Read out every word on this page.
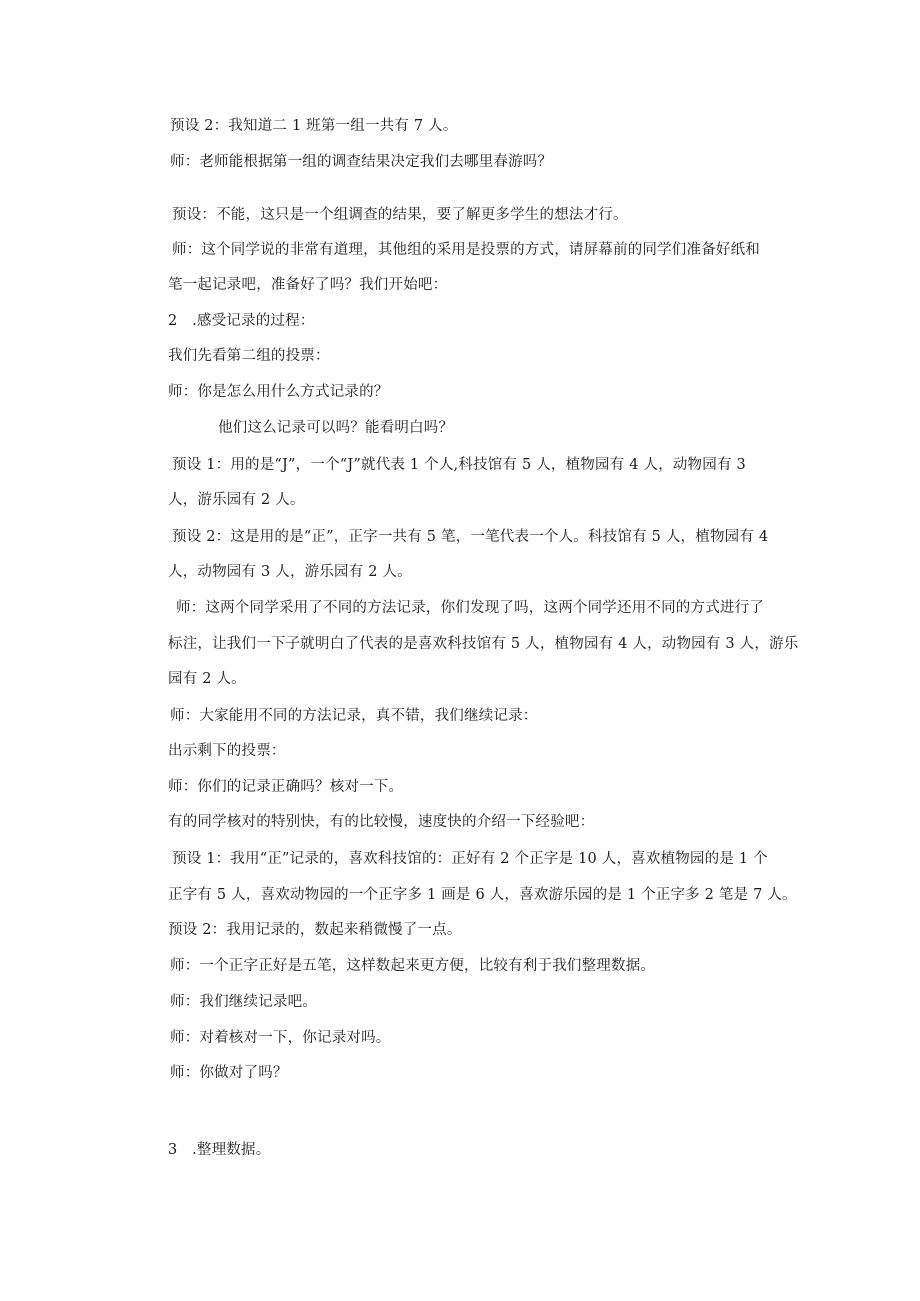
预设 2：我知道二 1 班第一组一共有 7 人。

师：老师能根据第一组的调查结果决定我们去哪里春游吗？

预设：不能，这只是一个组调查的结果，要了解更多学生的想法才行。

师：这个同学说的非常有道理，其他组的采用是投票的方式，请屏幕前的同学们准备好纸和

笔一起记录吧，准备好了吗？我们开始吧：

2　.感受记录的过程：

我们先看第二组的投票：

师：你是怎么用什么方式记录的？

他们这么记录可以吗？能看明白吗？

预设 1：用的是“J”，一个“J”就代表 1 个人,科技馆有 5 人，植物园有 4 人，动物园有 3

人，游乐园有 2 人。

预设 2：这是用的是“正”，正字一共有 5 笔，一笔代表一个人。科技馆有 5 人，植物园有 4

人，动物园有 3 人，游乐园有 2 人。

师：这两个同学采用了不同的方法记录，你们发现了吗，这两个同学还用不同的方式进行了

标注，让我们一下子就明白了代表的是喜欢科技馆有 5 人，植物园有 4 人，动物园有 3 人，游乐

园有 2 人。

师：大家能用不同的方法记录，真不错，我们继续记录：

出示剩下的投票：

师：你们的记录正确吗？核对一下。

有的同学核对的特别快，有的比较慢，速度快的介绍一下经验吧：

预设 1：我用“正”记录的，喜欢科技馆的：正好有 2 个正字是 10 人，喜欢植物园的是 1 个

正字有 5 人，喜欢动物园的一个正字多 1 画是 6 人，喜欢游乐园的是 1 个正字多 2 笔是 7 人。

预设 2：我用记录的，数起来稍微慢了一点。

师：一个正字正好是五笔，这样数起来更方便，比较有利于我们整理数据。

师：我们继续记录吧。

师：对着核对一下，你记录对吗。

师：你做对了吗？

3　.整理数据。
